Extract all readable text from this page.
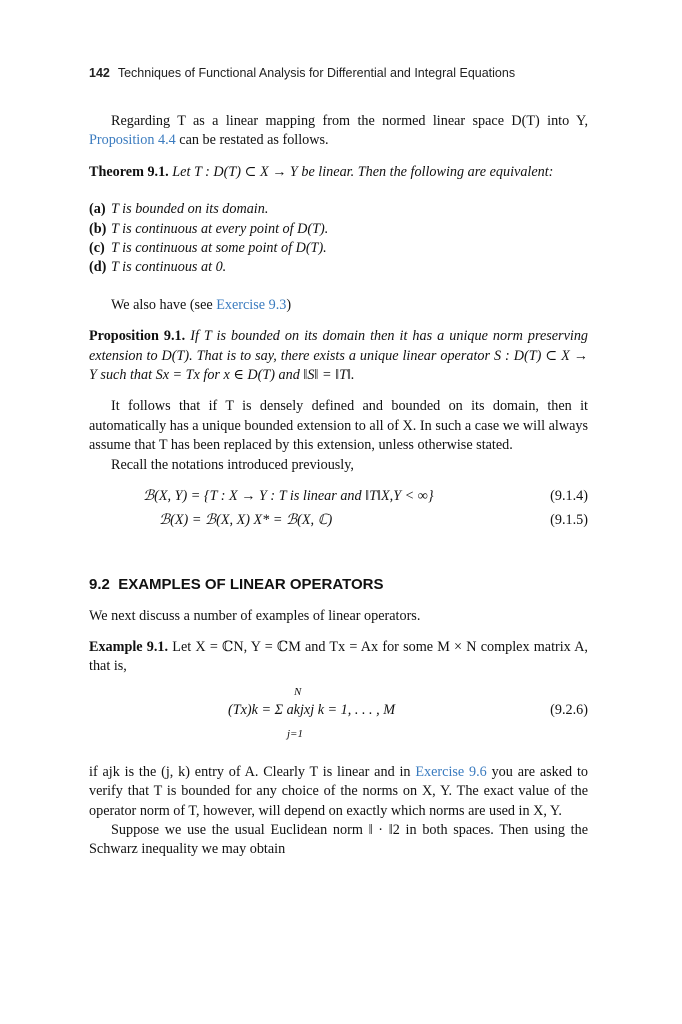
142 Techniques of Functional Analysis for Differential and Integral Equations

Regarding T as a linear mapping from the normed linear space D(T) into Y, Proposition 4.4 can be restated as follows.

Theorem 9.1. Let T : D(T) ⊂ X → Y be linear. Then the following are equivalent:

(a) T is bounded on its domain.

(b) T is continuous at every point of D(T).

(c) T is continuous at some point of D(T).

(d) T is continuous at 0.

We also have (see Exercise 9.3)

Proposition 9.1. If T is bounded on its domain then it has a unique norm preserving extension to D(T). That is to say, there exists a unique linear operator S : D(T) ⊂ X → Y such that Sx = Tx for x ∈ D(T) and ‖S‖ = ‖T‖.

It follows that if T is densely defined and bounded on its domain, then it automatically has a unique bounded extension to all of X. In such a case we will always assume that T has been replaced by this extension, unless otherwise stated.

Recall the notations introduced previously,

ℬ(X, Y) = {T : X → Y : T is linear and ‖T‖X,Y < ∞}	(9.1.4)
ℬ(X) = ℬ(X, X) X* = ℬ(X, ℂ)	(9.1.5)

9.2 EXAMPLES OF LINEAR OPERATORS

We next discuss a number of examples of linear operators.

Example 9.1. Let X = ℂN, Y = ℂM and Tx = Ax for some M × N complex matrix A, that is,

N
(Tx)k = Σ akjxj k = 1, . . . , M
j=1
(9.2.6)

if ajk is the (j, k) entry of A. Clearly T is linear and in Exercise 9.6 you are asked to verify that T is bounded for any choice of the norms on X, Y. The exact value of the operator norm of T, however, will depend on exactly which norms are used in X, Y.

Suppose we use the usual Euclidean norm ‖ · ‖2 in both spaces. Then using the Schwarz inequality we may obtain
